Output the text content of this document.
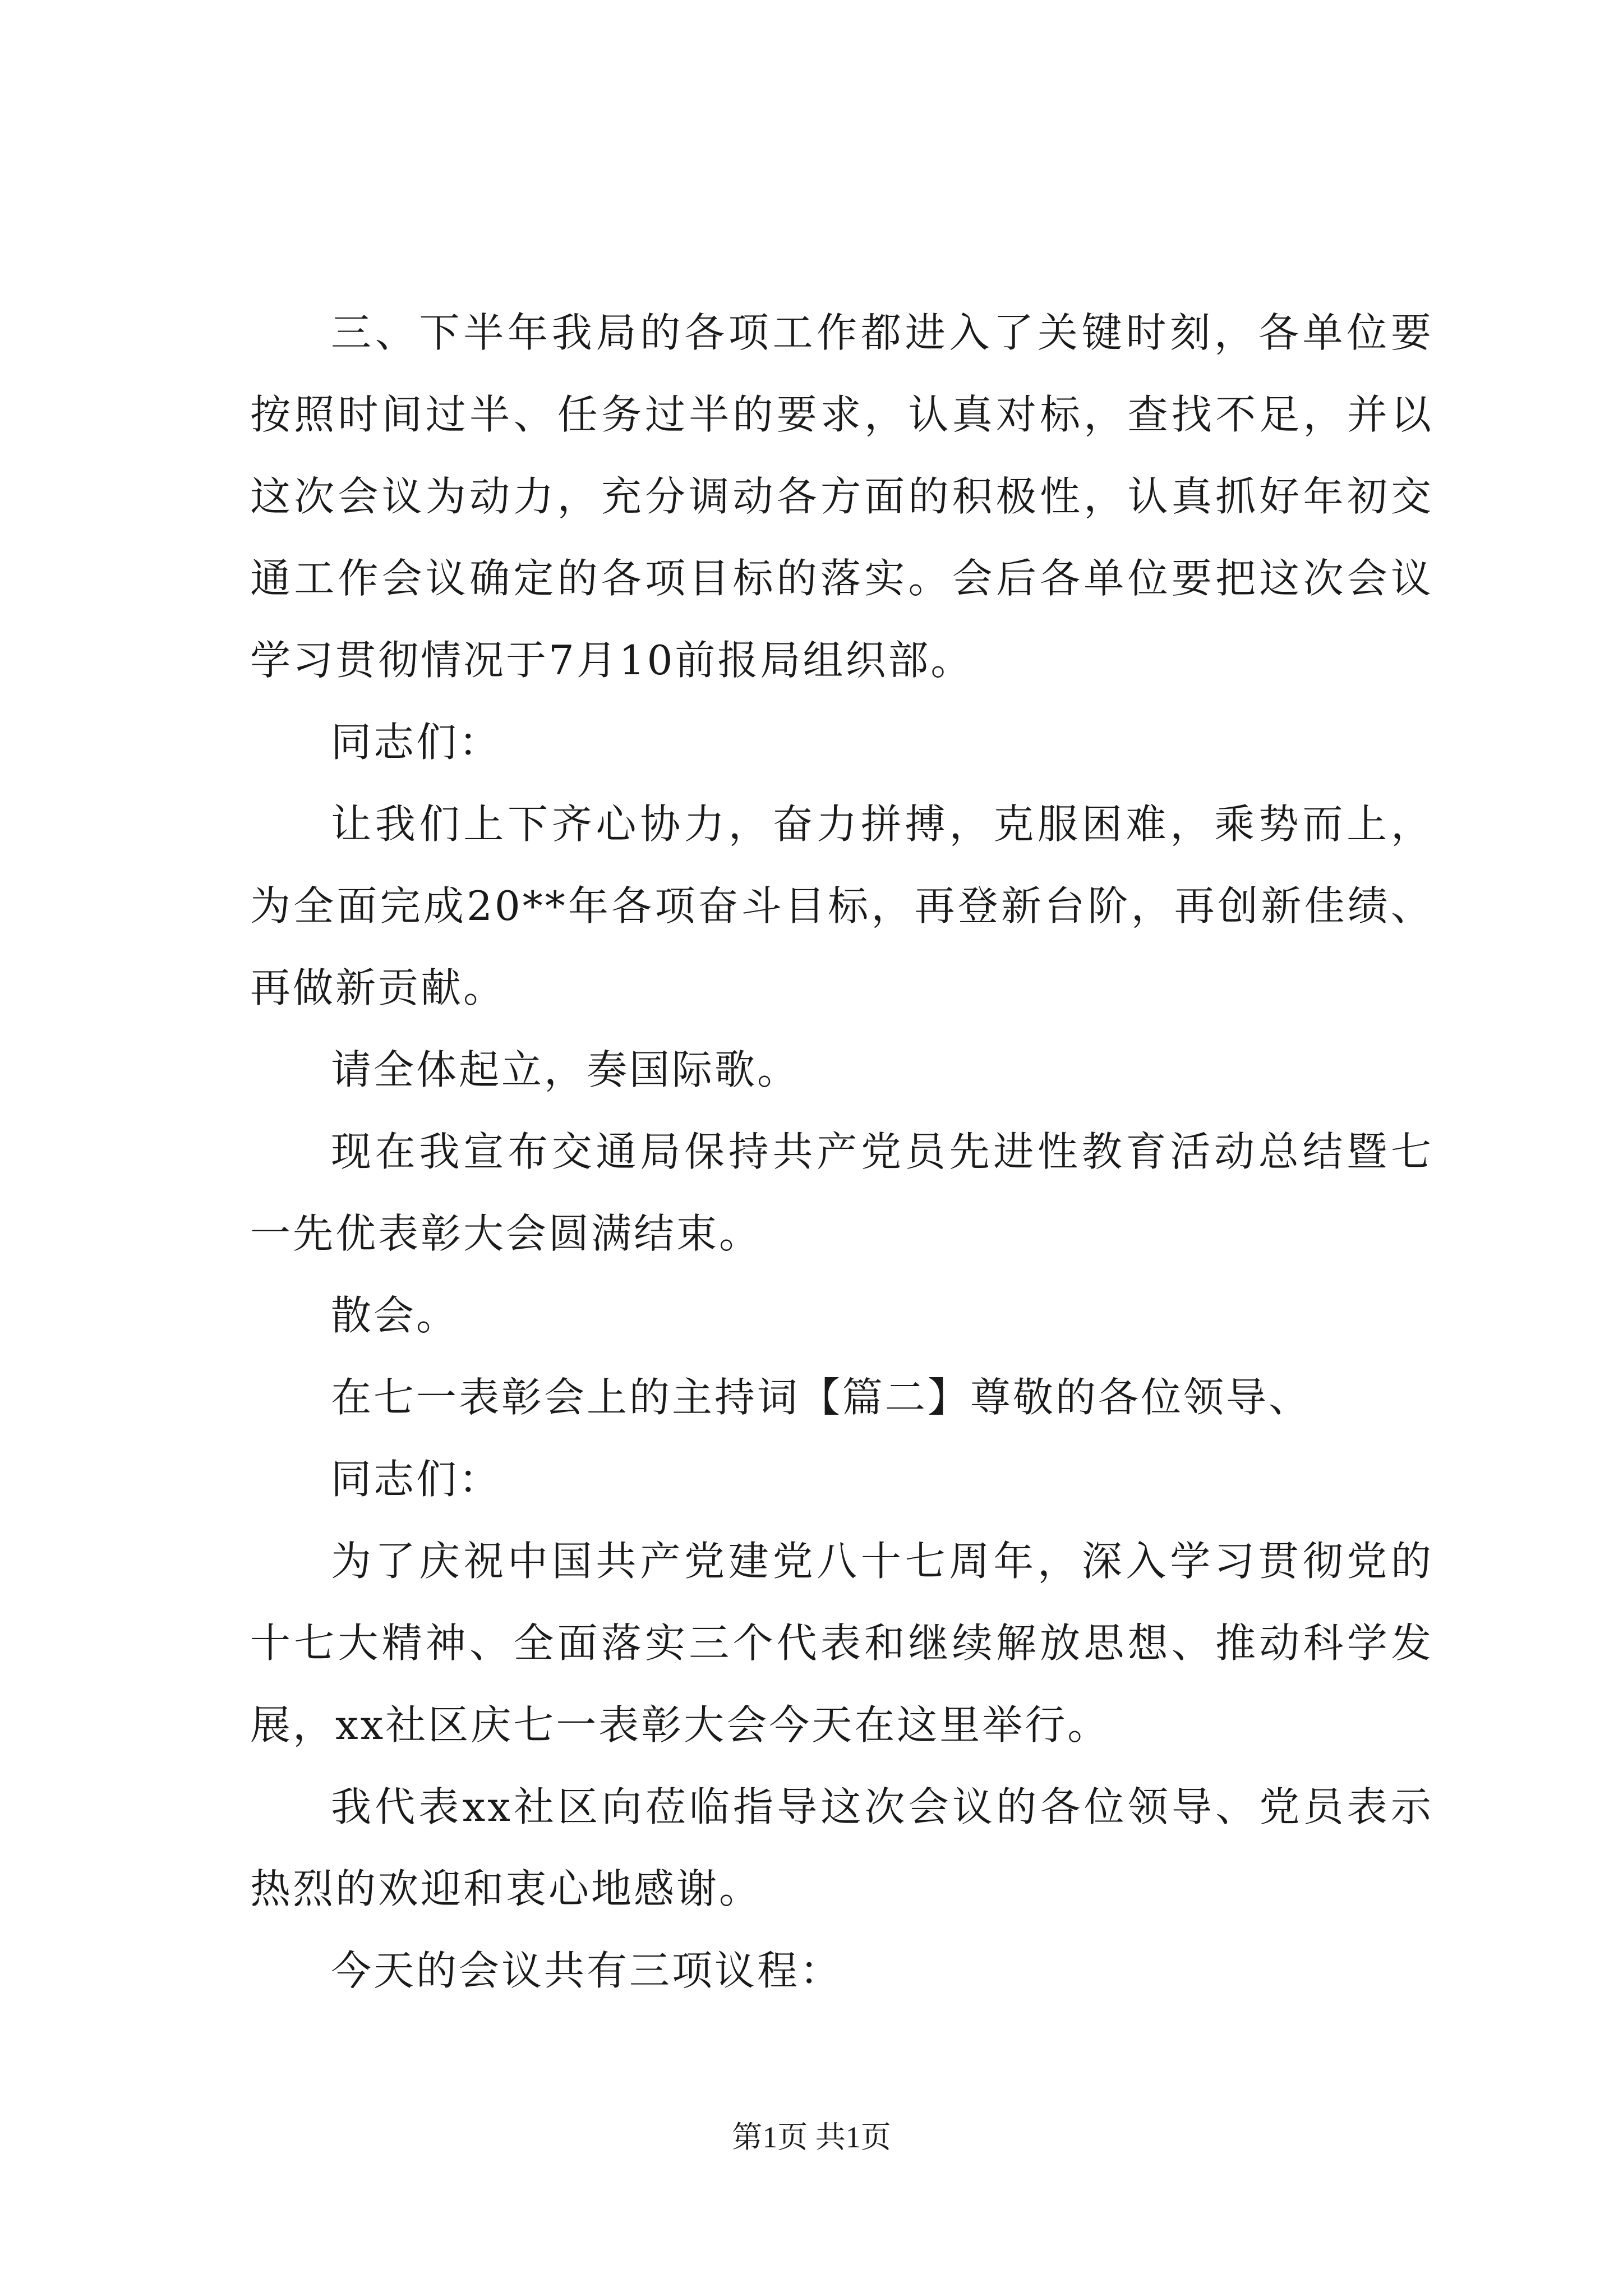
三、下半年我局的各项工作都进入了关键时刻，各单位要按照时间过半、任务过半的要求，认真对标，查找不足，并以这次会议为动力，充分调动各方面的积极性，认真抓好年初交通工作会议确定的各项目标的落实。会后各单位要把这次会议学习贯彻情况于7月10前报局组织部。

同志们：

让我们上下齐心协力，奋力拼搏，克服困难，乘势而上，为全面完成20**年各项奋斗目标，再登新台阶，再创新佳绩、再做新贡献。

请全体起立，奏国际歌。

现在我宣布交通局保持共产党员先进性教育活动总结暨七一先优表彰大会圆满结束。

散会。

在七一表彰会上的主持词【篇二】尊敬的各位领导、

同志们：

为了庆祝中国共产党建党八十七周年，深入学习贯彻党的十七大精神、全面落实三个代表和继续解放思想、推动科学发展，xx社区庆七一表彰大会今天在这里举行。

我代表xx社区向莅临指导这次会议的各位领导、党员表示热烈的欢迎和衷心地感谢。

今天的会议共有三项议程：

第1页 共1页
